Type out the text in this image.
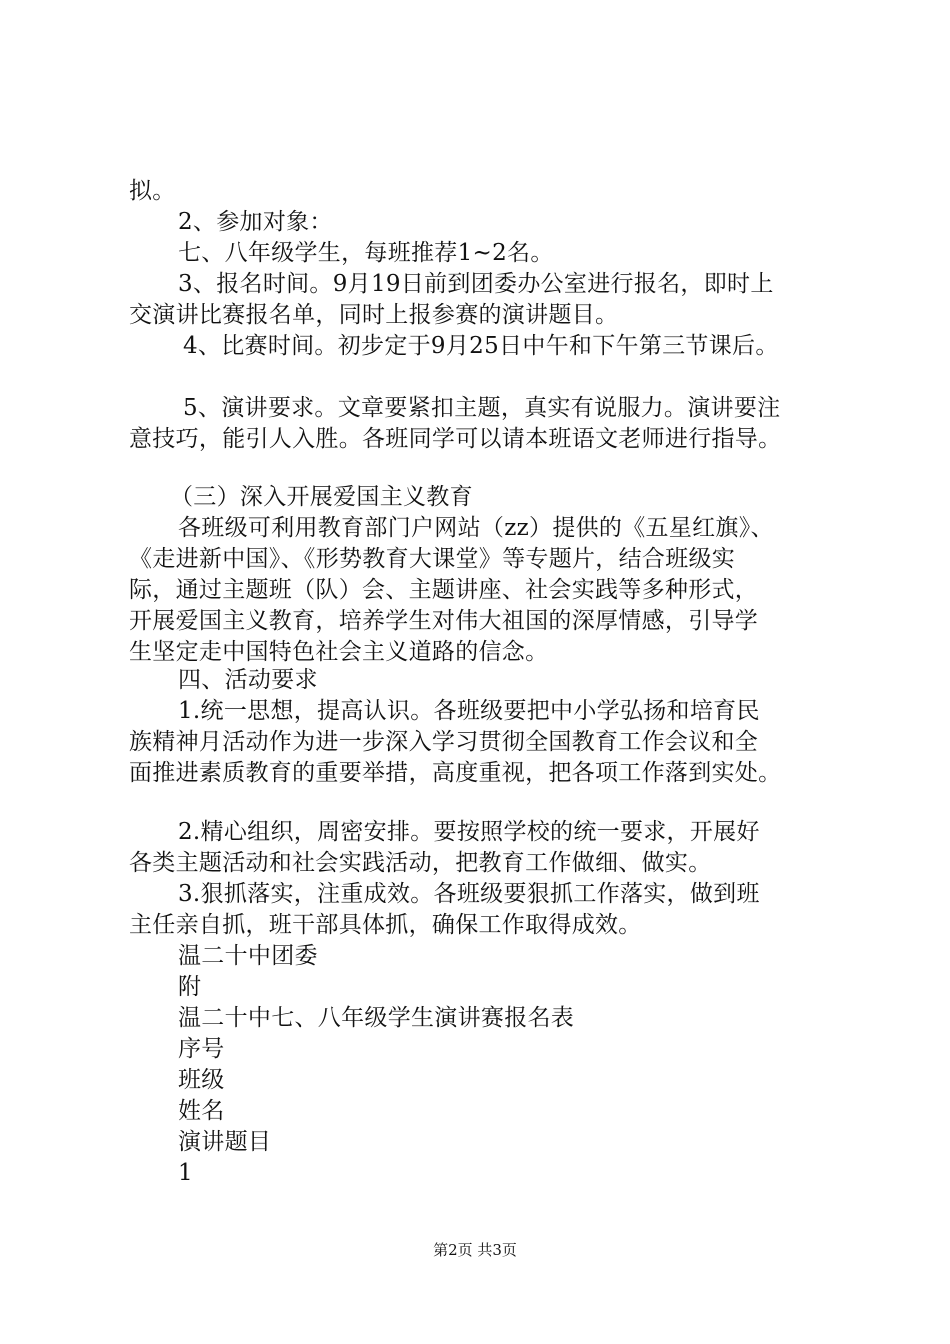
拟。
2、参加对象：
七、八年级学生，每班推荐1~2名。
3、报名时间。9月19日前到团委办公室进行报名，即时上
交演讲比赛报名单，同时上报参赛的演讲题目。
4、比赛时间。初步定于9月25日中午和下午第三节课后。
5、演讲要求。文章要紧扣主题，真实有说服力。演讲要注
意技巧，能引人入胜。各班同学可以请本班语文老师进行指导。
（三）深入开展爱国主义教育
各班级可利用教育部门户网站（zz）提供的《五星红旗》、
《走进新中国》、《形势教育大课堂》等专题片，结合班级实
际，通过主题班（队）会、主题讲座、社会实践等多种形式，
开展爱国主义教育，培养学生对伟大祖国的深厚情感，引导学
生坚定走中国特色社会主义道路的信念。
四、活动要求
1.统一思想，提高认识。各班级要把中小学弘扬和培育民
族精神月活动作为进一步深入学习贯彻全国教育工作会议和全
面推进素质教育的重要举措，高度重视，把各项工作落到实处。
2.精心组织，周密安排。要按照学校的统一要求，开展好
各类主题活动和社会实践活动，把教育工作做细、做实。
3.狠抓落实，注重成效。各班级要狠抓工作落实，做到班
主任亲自抓，班干部具体抓，确保工作取得成效。
温二十中团委
附
温二十中七、八年级学生演讲赛报名表
序号
班级
姓名
演讲题目
1
第2页 共3页
